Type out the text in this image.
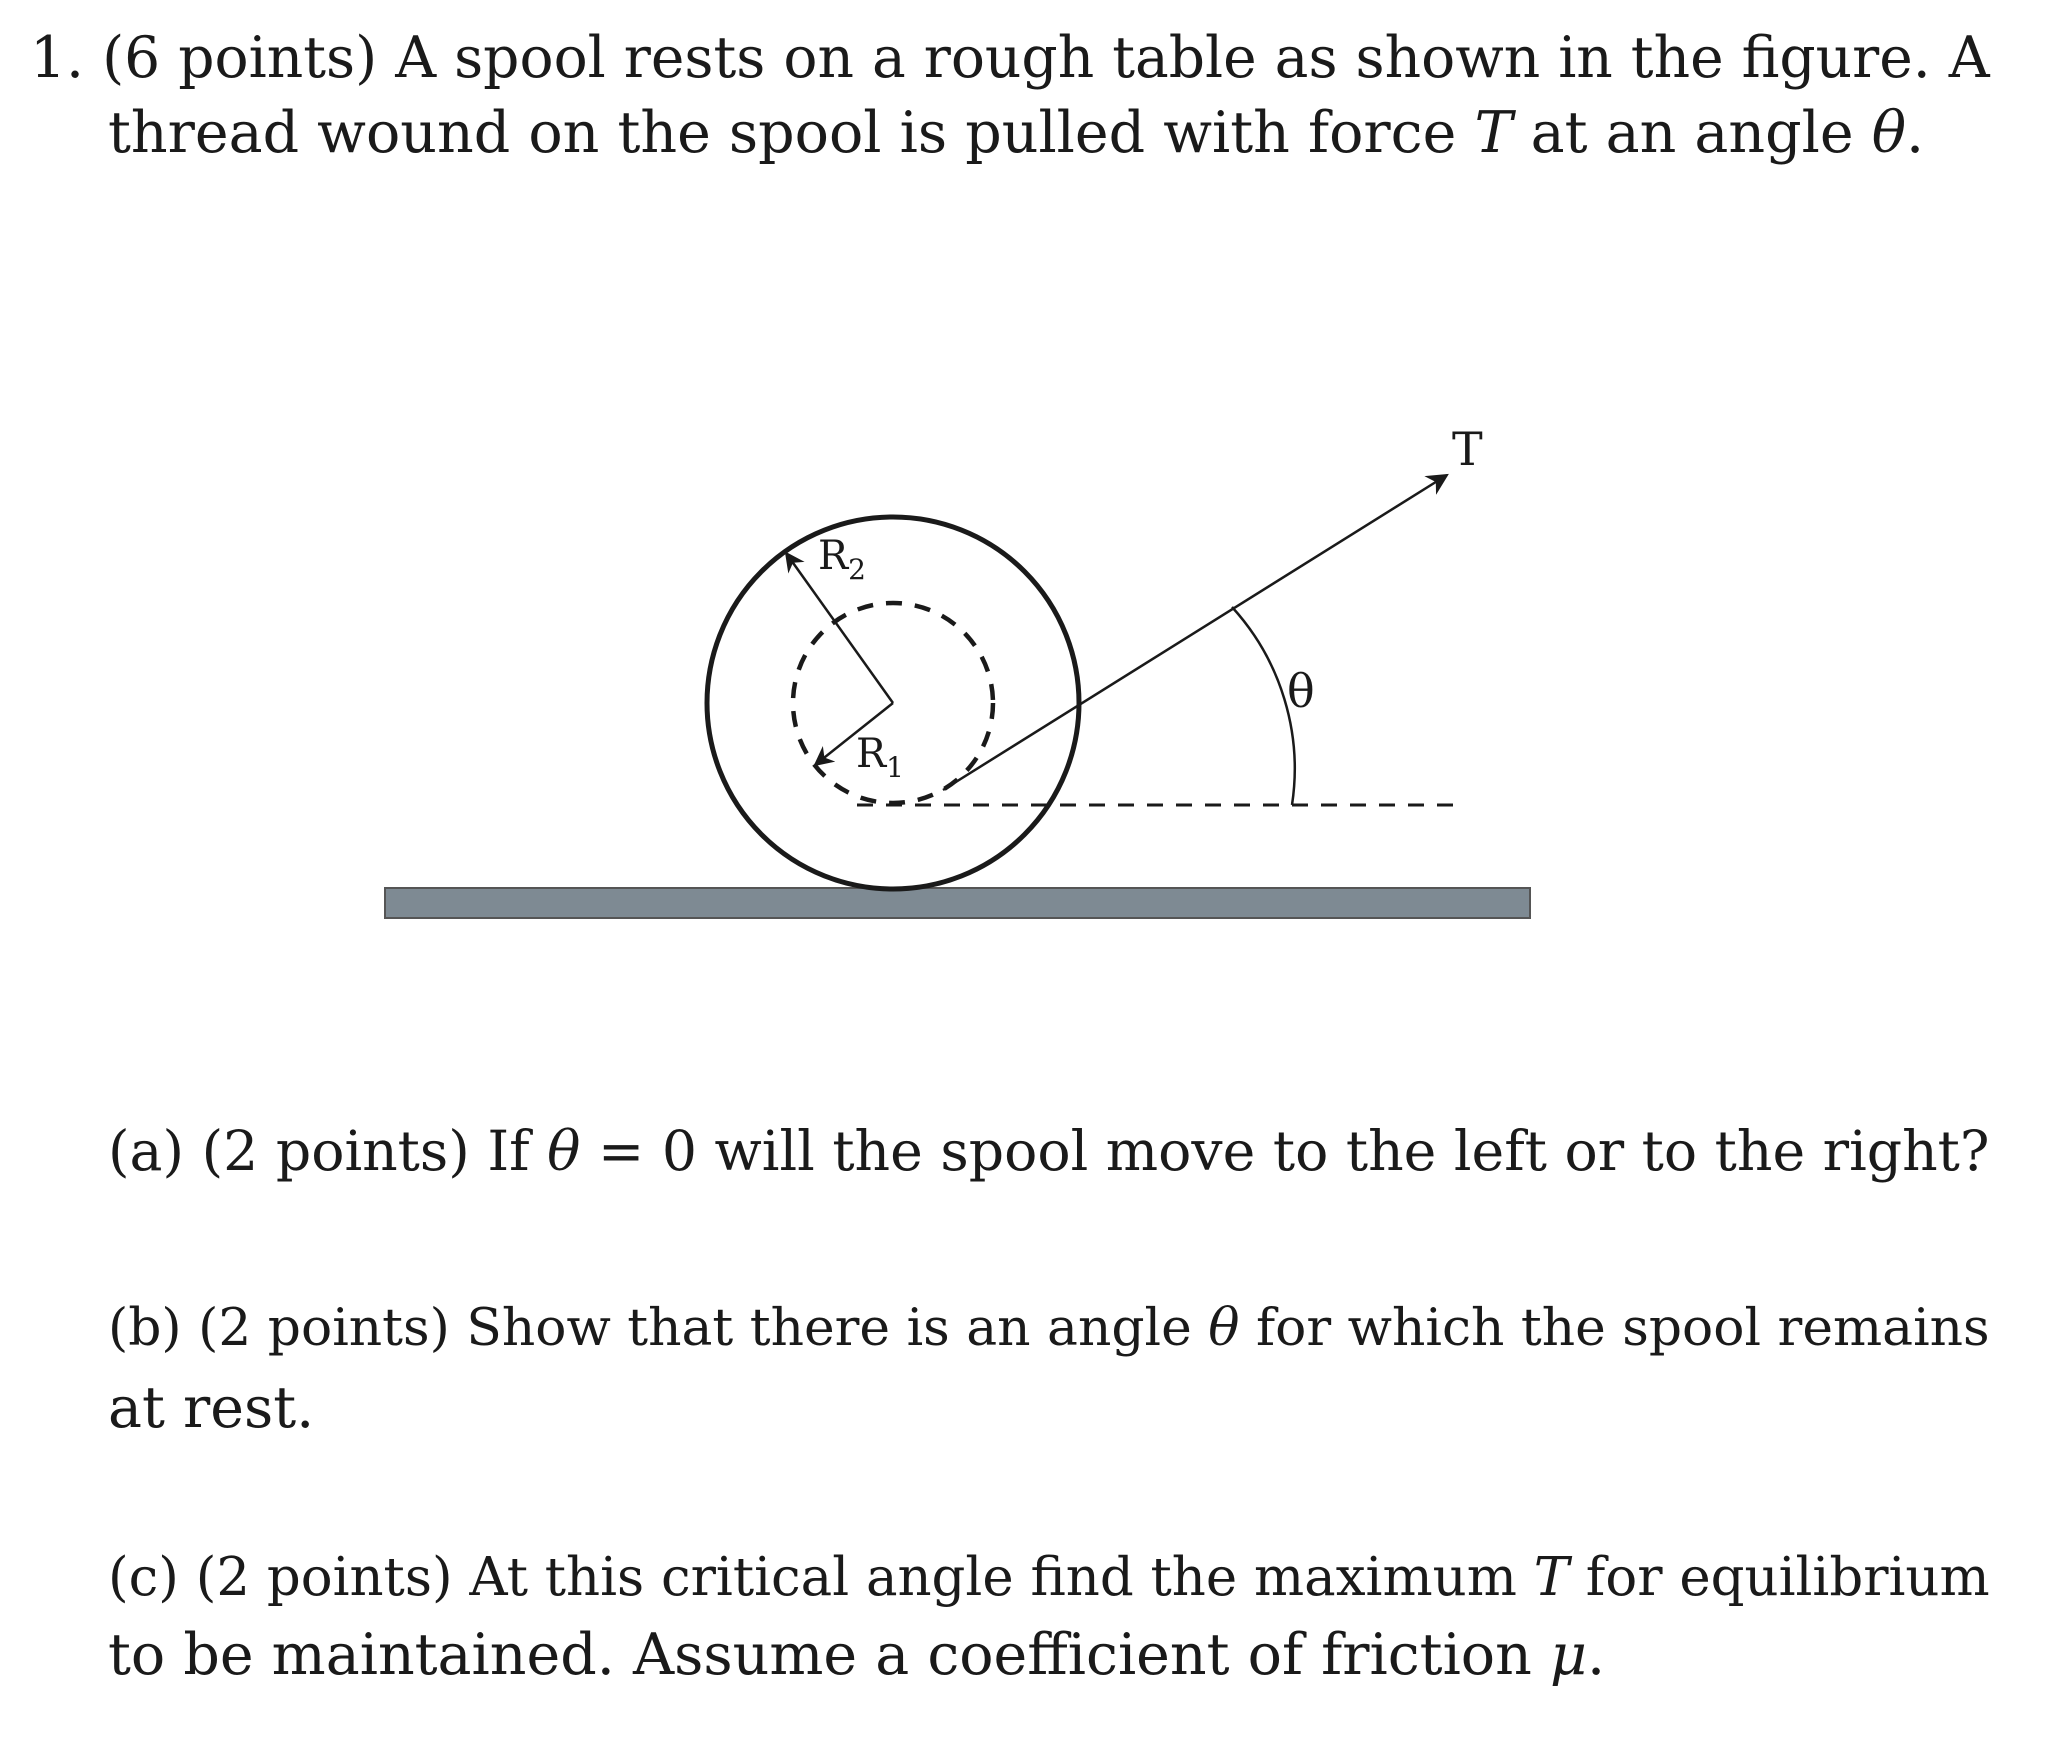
1. (6 points) A spool rests on a rough table as shown in the figure. A

thread wound on the spool is pulled with force T at an angle θ.

T
θ
$R_2$
$R_1$

(a) (2 points) If θ = 0 will the spool move to the left or to the right?

(b) (2 points) Show that there is an angle θ for which the spool remains

at rest.

(c) (2 points) At this critical angle find the maximum T for equilibrium

to be maintained. Assume a coefficient of friction μ.
